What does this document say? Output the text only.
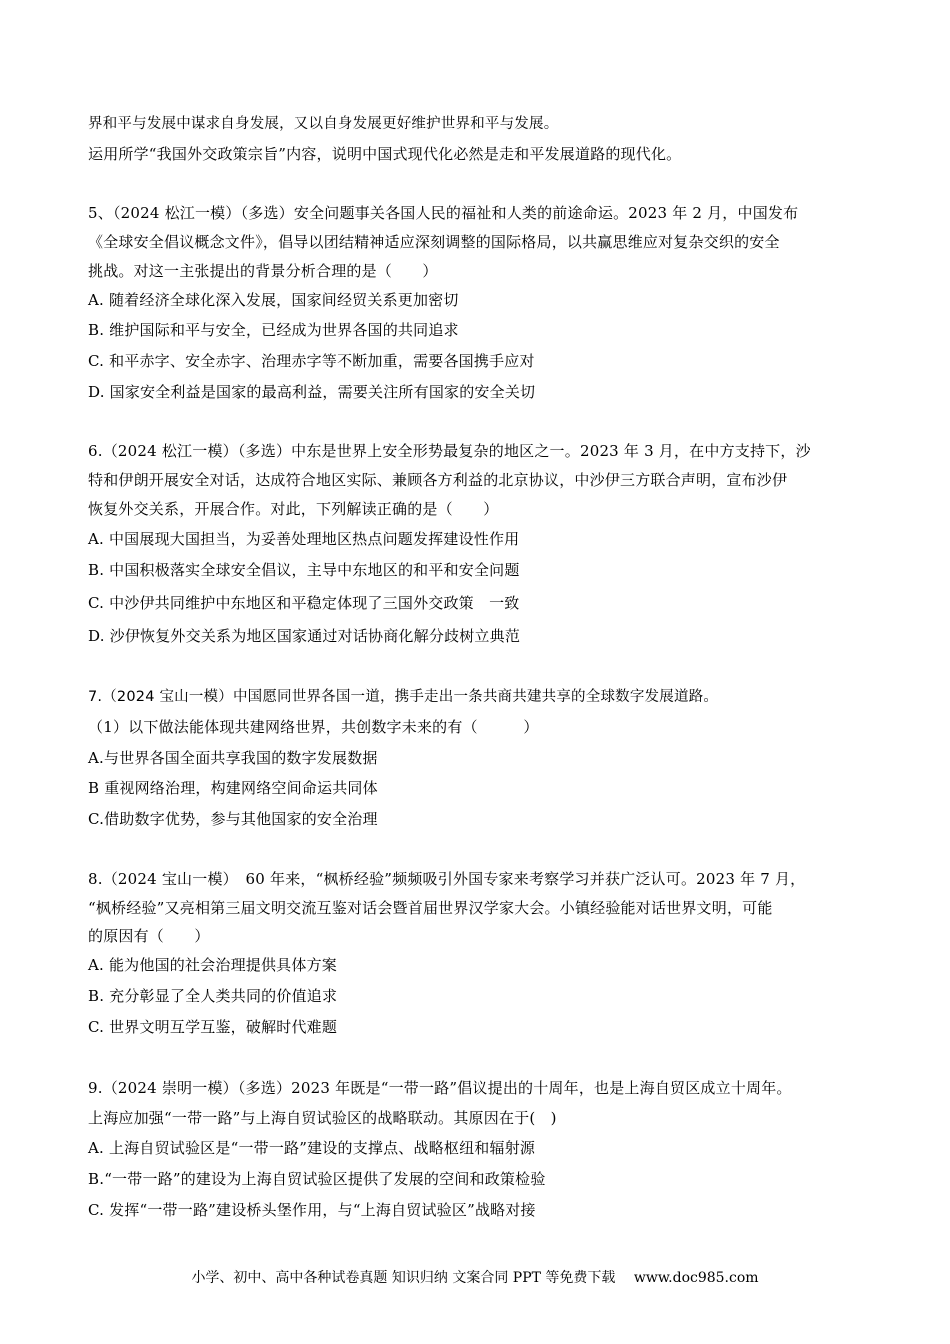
界和平与发展中谋求自身发展，又以自身发展更好维护世界和平与发展。
运用所学“我国外交政策宗旨”内容，说明中国式现代化必然是走和平发展道路的现代化。
5、（2024 松江一模）（多选）安全问题事关各国人民的福祉和人类的前途命运。2023 年 2 月，中国发布
《全球安全倡议概念文件》，倡导以团结精神适应深刻调整的国际格局，以共赢思维应对复杂交织的安全
挑战。对这一主张提出的背景分析合理的是（　　）
A. 随着经济全球化深入发展，国家间经贸关系更加密切
B. 维护国际和平与安全，已经成为世界各国的共同追求
C. 和平赤字、安全赤字、治理赤字等不断加重，需要各国携手应对
D. 国家安全利益是国家的最高利益，需要关注所有国家的安全关切
6.（2024 松江一模）（多选）中东是世界上安全形势最复杂的地区之一。2023 年 3 月，在中方支持下，沙
特和伊朗开展安全对话，达成符合地区实际、兼顾各方利益的北京协议，中沙伊三方联合声明，宣布沙伊
恢复外交关系，开展合作。对此，下列解读正确的是（　　）
A. 中国展现大国担当，为妥善处理地区热点问题发挥建设性作用
B. 中国积极落实全球安全倡议，主导中东地区的和平和安全问题
C. 中沙伊共同维护中东地区和平稳定体现了三国外交政策　一致
D. 沙伊恢复外交关系为地区国家通过对话协商化解分歧树立典范
7.（2024 宝山一模）中国愿同世界各国一道，携手走出一条共商共建共享的全球数字发展道路。
（1）以下做法能体现共建网络世界，共创数字未来的有（　　　）
A.与世界各国全面共享我国的数字发展数据
B 重视网络治理，构建网络空间命运共同体
C.借助数字优势，参与其他国家的安全治理
8.（2024 宝山一模）　60 年来，“枫桥经验”频频吸引外国专家来考察学习并获广泛认可。2023 年 7 月，
“枫桥经验”又亮相第三届文明交流互鉴对话会暨首届世界汉学家大会。小镇经验能对话世界文明，可能
的原因有（　　）
A. 能为他国的社会治理提供具体方案
B. 充分彰显了全人类共同的价值追求
C. 世界文明互学互鉴，破解时代难题
9.（2024 崇明一模）（多选）2023 年既是“一带一路”倡议提出的十周年，也是上海自贸区成立十周年。
上海应加强“一带一路”与上海自贸试验区的战略联动。其原因在于(　)
A. 上海自贸试验区是“一带一路”建设的支撑点、战略枢纽和辐射源
B.“一带一路”的建设为上海自贸试验区提供了发展的空间和政策检验
C. 发挥“一带一路”建设桥头堡作用，与“上海自贸试验区”战略对接
小学、初中、高中各种试卷真题 知识归纳 文案合同 PPT 等免费下载　 www.doc985.com
